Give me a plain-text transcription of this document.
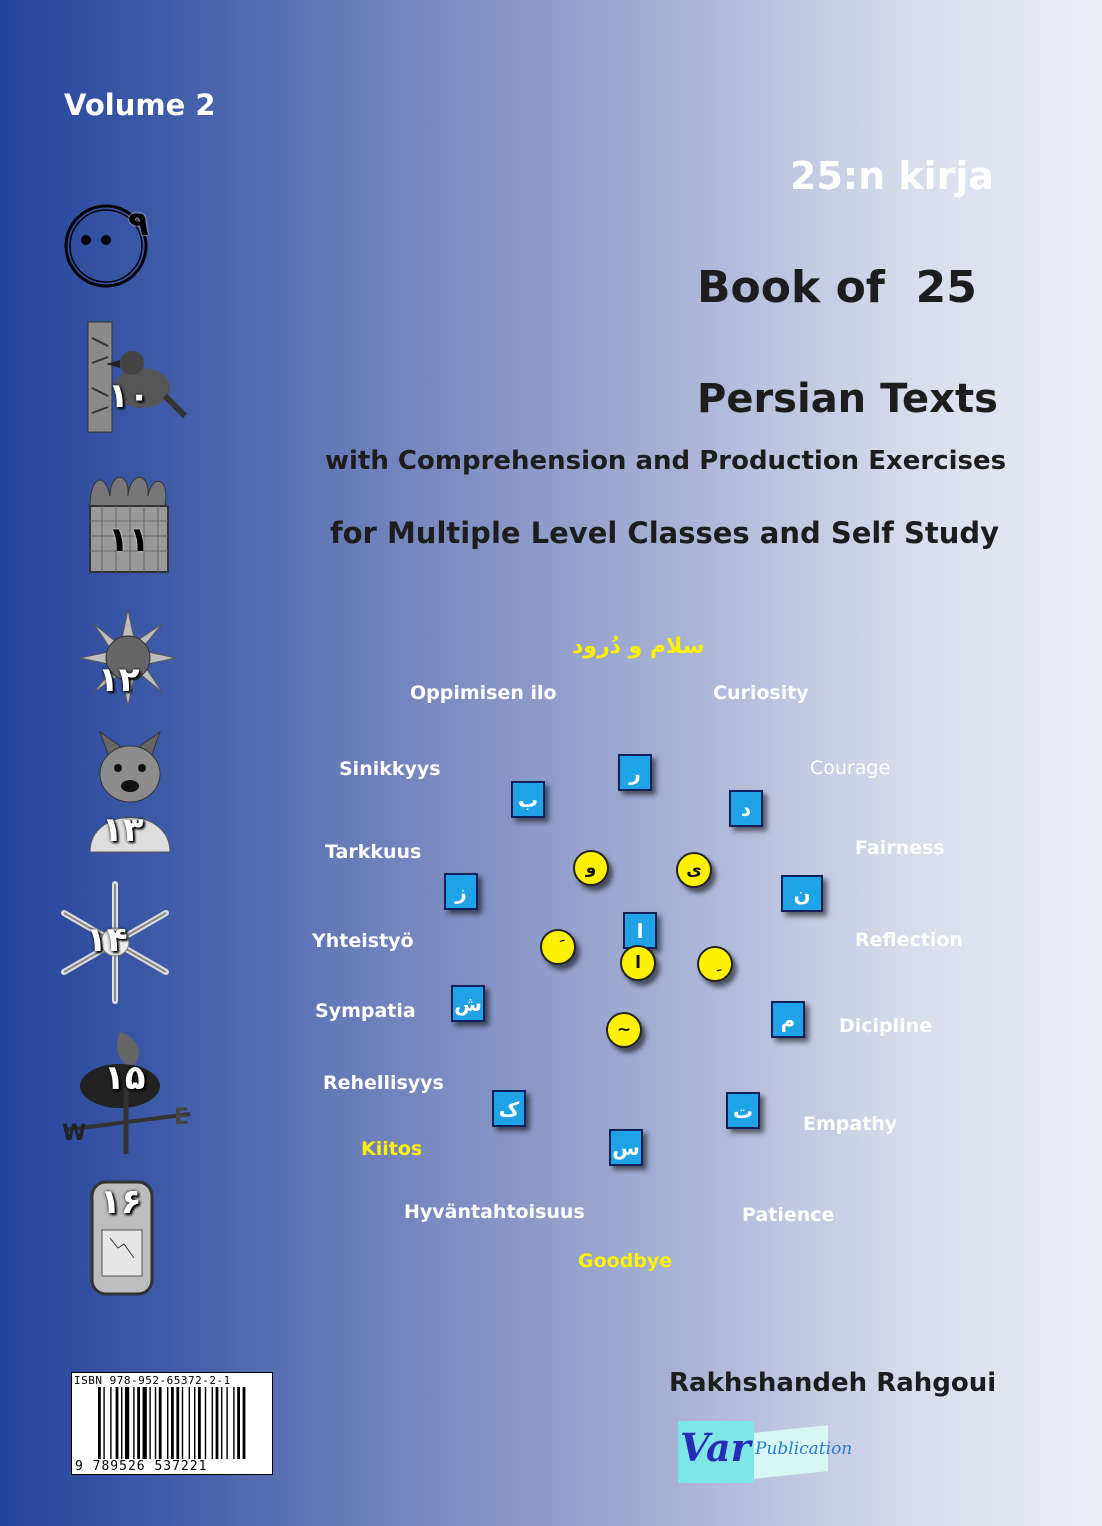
Volume 2
25:n kirja
Book of  25
Persian Texts
with Comprehension and Production Exercises
for Multiple Level Classes and Self Study
سلام و دُرود
Oppimisen ilo	Curiosity
Sinikkyys	Courage
Tarkkuus	Fairness
Yhteistyö	Reflection
Sympatia
Dicipline
Rehellisyys
Empathy
Kiitos
Hyväntahtoisuus	Patience
Goodbye
ر
ب	د
ز	ن
ا
ش
م
ک	ت
س
و	ی
ا
~
۹
۱۰
۱۱
۱۲
۱۳
۱۴
W
E
۱۵
۱۶
ISBN 978-952-65372-2-1
9 789526 537221
Rakhshandeh Rahgoui
Var Publication
